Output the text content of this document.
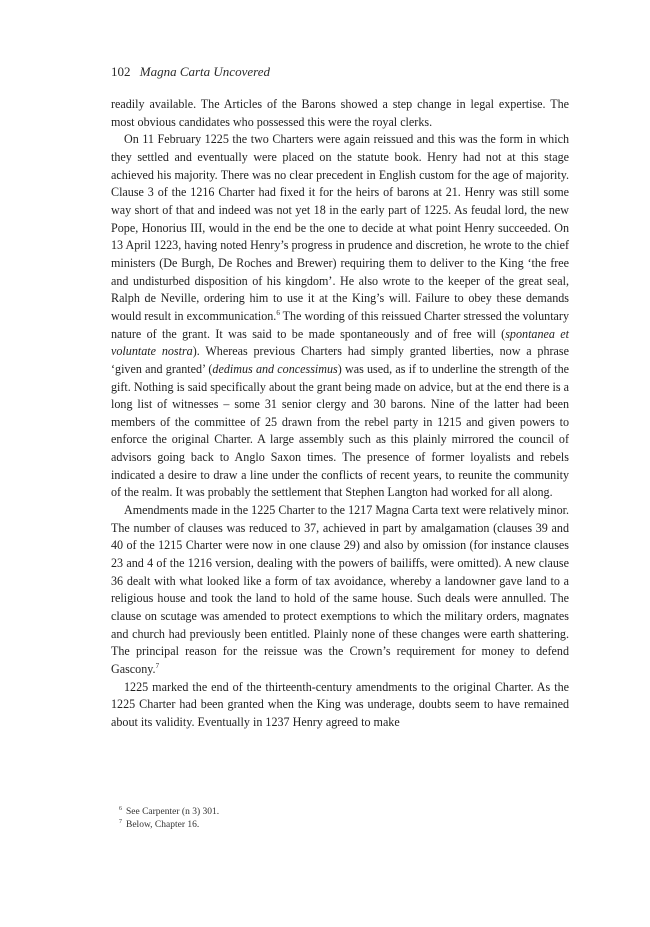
102 Magna Carta Uncovered

readily available. The Articles of the Barons showed a step change in legal expertise. The most obvious candidates who possessed this were the royal clerks.

On 11 February 1225 the two Charters were again reissued and this was the form in which they settled and eventually were placed on the statute book. Henry had not at this stage achieved his majority. There was no clear precedent in English custom for the age of majority. Clause 3 of the 1216 Charter had fixed it for the heirs of barons at 21. Henry was still some way short of that and indeed was not yet 18 in the early part of 1225. As feudal lord, the new Pope, Honorius III, would in the end be the one to decide at what point Henry succeeded. On 13 April 1223, having noted Henry’s progress in prudence and discretion, he wrote to the chief ministers (De Burgh, De Roches and Brewer) requiring them to deliver to the King ‘the free and undisturbed disposition of his kingdom’. He also wrote to the keeper of the great seal, Ralph de Neville, ordering him to use it at the King’s will. Failure to obey these demands would result in excommunication.$^6$ The wording of this reissued Charter stressed the voluntary nature of the grant. It was said to be made spontaneously and of free will (spontanea et voluntate nostra). Whereas previous Charters had simply granted liberties, now a phrase ‘given and granted’ (dedimus and concessimus) was used, as if to underline the strength of the gift. Nothing is said specifically about the grant being made on advice, but at the end there is a long list of witnesses – some 31 senior clergy and 30 barons. Nine of the latter had been members of the committee of 25 drawn from the rebel party in 1215 and given powers to enforce the original Charter. A large assembly such as this plainly mirrored the council of advisors going back to Anglo Saxon times. The presence of former loyalists and rebels indicated a desire to draw a line under the conflicts of recent years, to reunite the community of the realm. It was probably the settlement that Stephen Langton had worked for all along.

Amendments made in the 1225 Charter to the 1217 Magna Carta text were relatively minor. The number of clauses was reduced to 37, achieved in part by amalgamation (clauses 39 and 40 of the 1215 Charter were now in one clause 29) and also by omission (for instance clauses 23 and 4 of the 1216 version, dealing with the powers of bailiffs, were omitted). A new clause 36 dealt with what looked like a form of tax avoidance, whereby a landowner gave land to a religious house and took the land to hold of the same house. Such deals were annulled. The clause on scutage was amended to protect exemptions to which the military orders, magnates and church had previously been entitled. Plainly none of these changes were earth shattering. The principal reason for the reissue was the Crown’s requirement for money to defend Gascony.$^7$

1225 marked the end of the thirteenth-century amendments to the original Charter. As the 1225 Charter had been granted when the King was underage, doubts seem to have remained about its validity. Eventually in 1237 Henry agreed to make

$^6$ See Carpenter (n 3) 301.
$^7$ Below, Chapter 16.
